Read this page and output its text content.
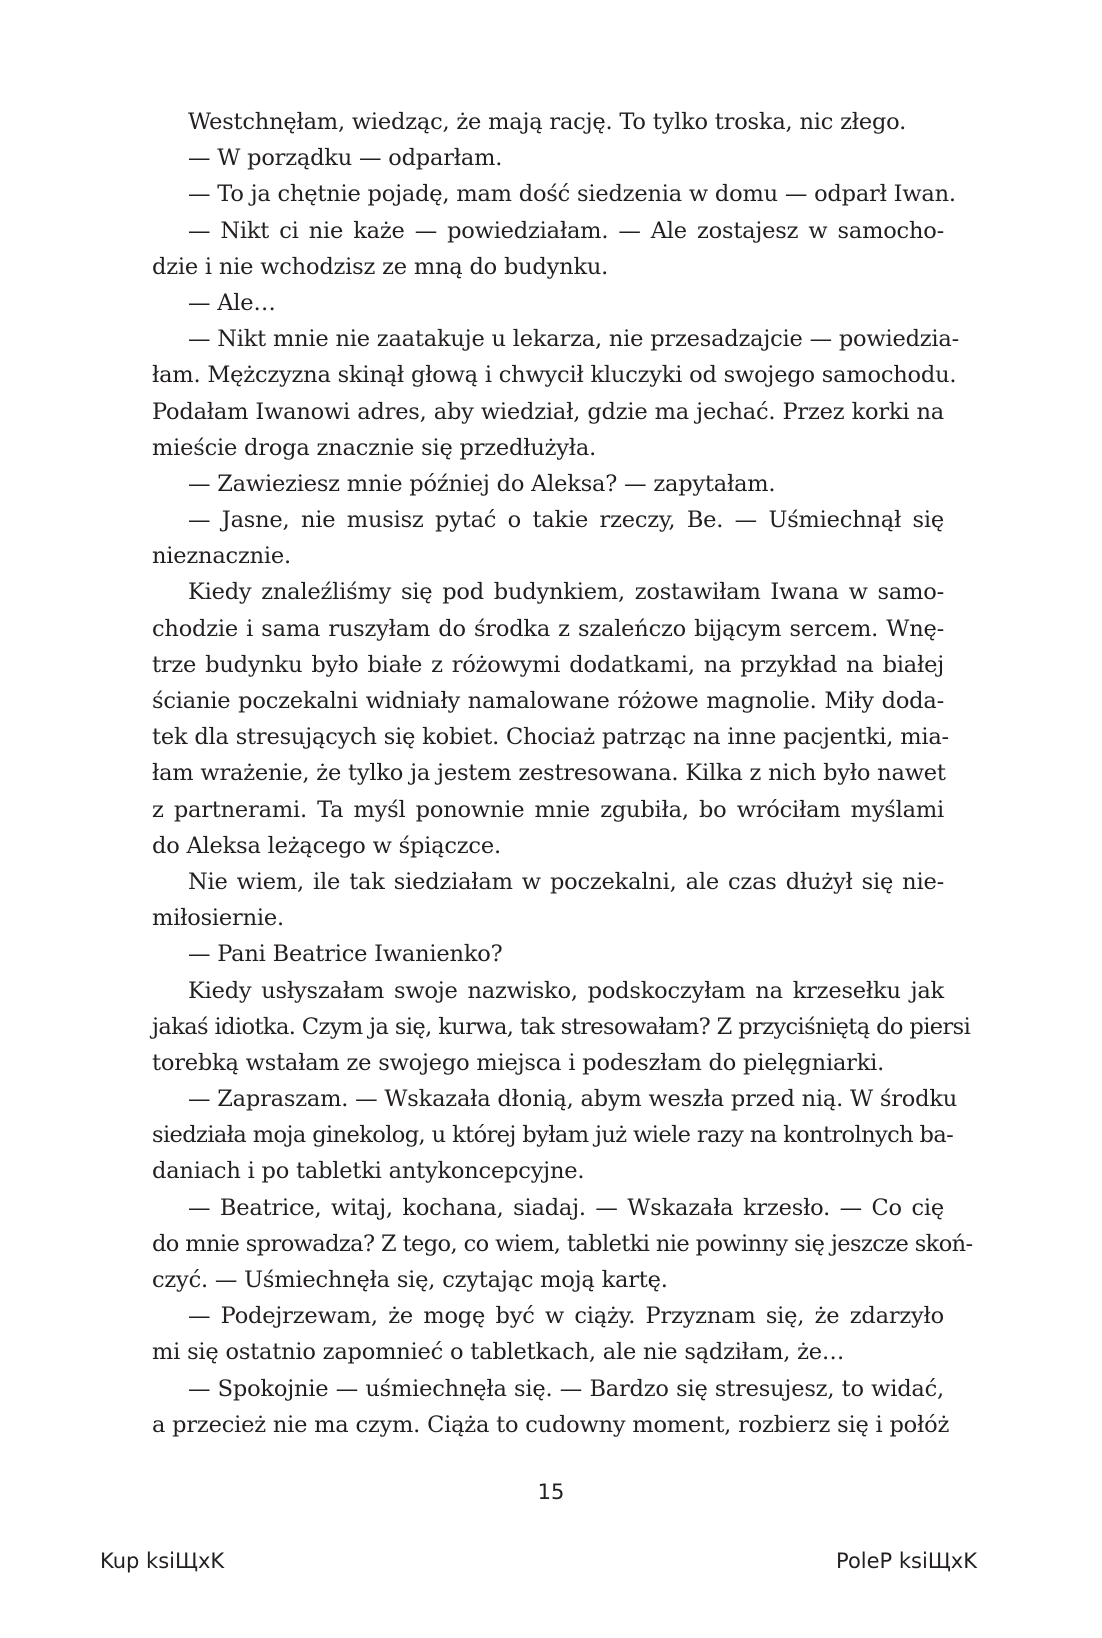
Westchnęłam, wiedząc, że mają rację. To tylko troska, nic złego.
— W porządku — odparłam.
— To ja chętnie pojadę, mam dość siedzenia w domu — odparł Iwan.
— Nikt ci nie każe — powiedziałam. — Ale zostajesz w samocho-
dzie i nie wchodzisz ze mną do budynku.
— Ale…
— Nikt mnie nie zaatakuje u lekarza, nie przesadzajcie — powiedzia-
łam. Mężczyzna skinął głową i chwycił kluczyki od swojego samochodu.
Podałam Iwanowi adres, aby wiedział, gdzie ma jechać. Przez korki na
mieście droga znacznie się przedłużyła.
— Zawieziesz mnie później do Aleksa? — zapytałam.
— Jasne, nie musisz pytać o takie rzeczy, Be. — Uśmiechnął się
nieznacznie.
Kiedy znaleźliśmy się pod budynkiem, zostawiłam Iwana w samo-
chodzie i sama ruszyłam do środka z szaleńczo bijącym sercem. Wnę-
trze budynku było białe z różowymi dodatkami, na przykład na białej
ścianie poczekalni widniały namalowane różowe magnolie. Miły doda-
tek dla stresujących się kobiet. Chociaż patrząc na inne pacjentki, mia-
łam wrażenie, że tylko ja jestem zestresowana. Kilka z nich było nawet
z partnerami. Ta myśl ponownie mnie zgubiła, bo wróciłam myślami
do Aleksa leżącego w śpiączce.
Nie wiem, ile tak siedziałam w poczekalni, ale czas dłużył się nie-
miłosiernie.
— Pani Beatrice Iwanienko?
Kiedy usłyszałam swoje nazwisko, podskoczyłam na krzesełku jak
jakaś idiotka. Czym ja się, kurwa, tak stresowałam? Z przyciśniętą do piersi
torebką wstałam ze swojego miejsca i podeszłam do pielęgniarki.
— Zapraszam. — Wskazała dłonią, abym weszła przed nią. W środku
siedziała moja ginekolog, u której byłam już wiele razy na kontrolnych ba-
daniach i po tabletki antykoncepcyjne.
— Beatrice, witaj, kochana, siadaj. — Wskazała krzesło. — Co cię
do mnie sprowadza? Z tego, co wiem, tabletki nie powinny się jeszcze skoń-
czyć. — Uśmiechnęła się, czytając moją kartę.
— Podejrzewam, że mogę być w ciąży. Przyznam się, że zdarzyło
mi się ostatnio zapomnieć o tabletkach, ale nie sądziłam, że…
— Spokojnie — uśmiechnęła się. — Bardzo się stresujesz, to widać,
a przecież nie ma czym. Ciąża to cudowny moment, rozbierz się i połóż
15
Kup ksiЩхK	PoleP ksiЩхK
